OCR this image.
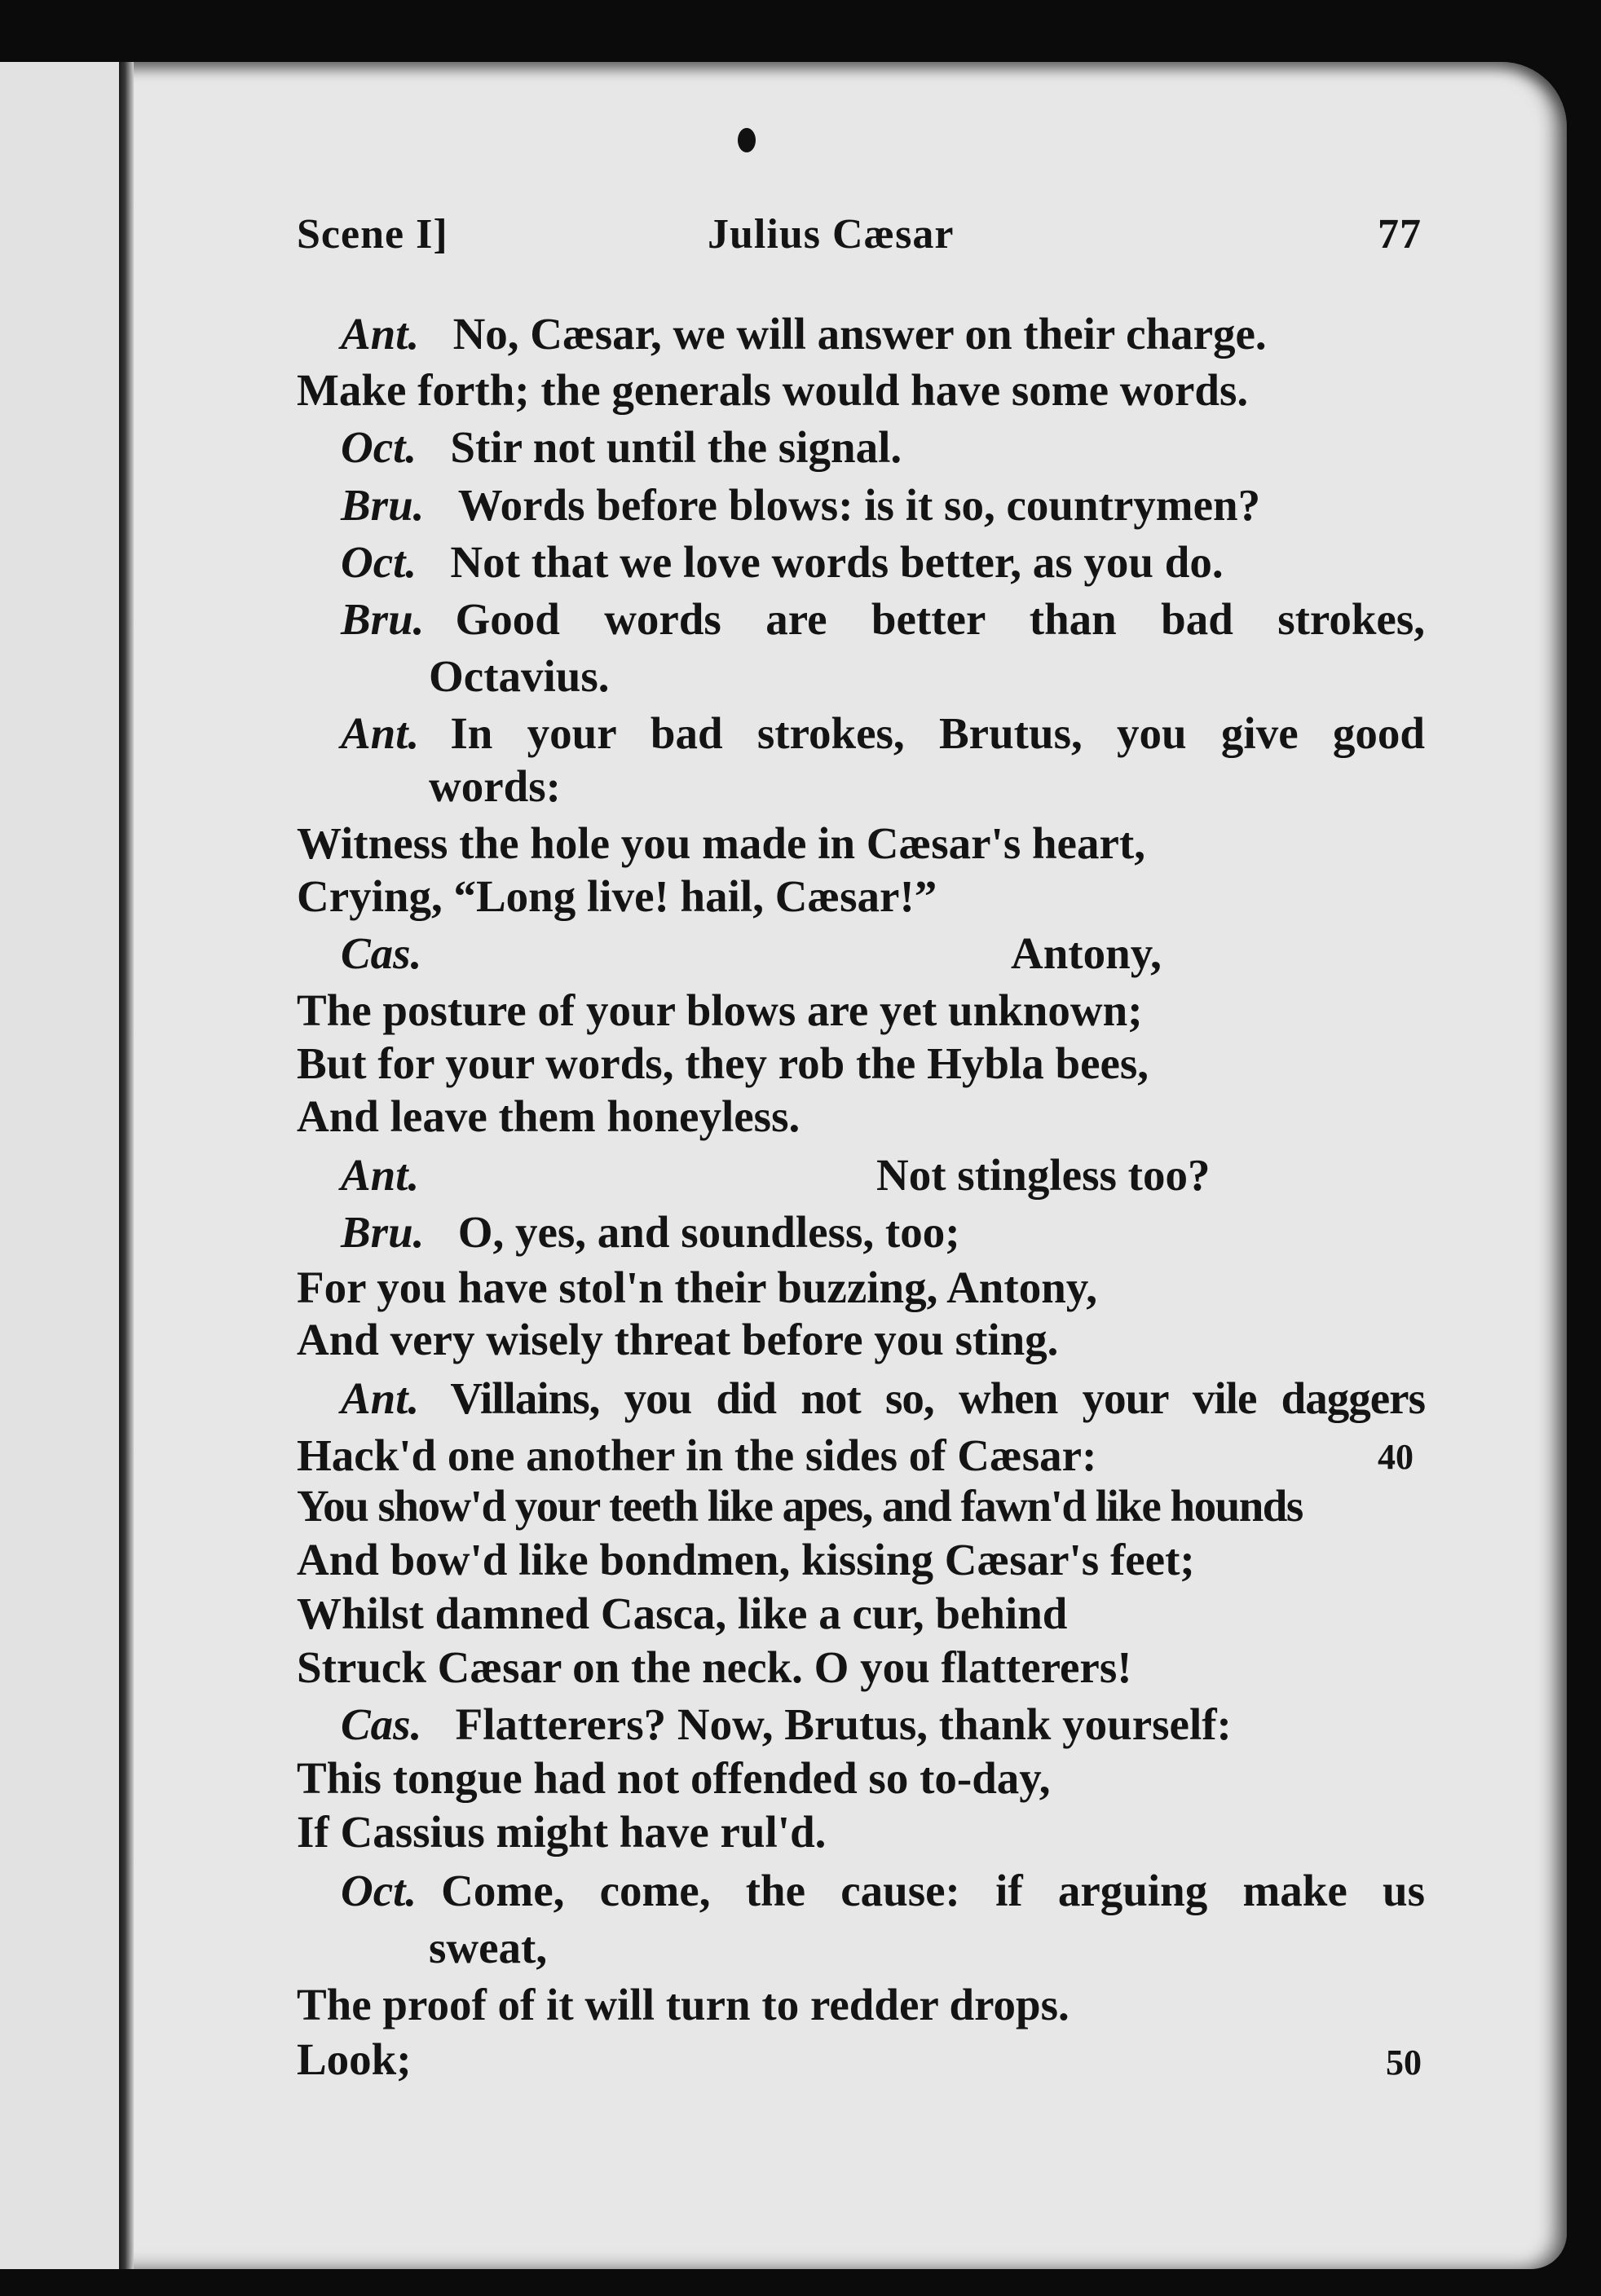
Scene I]	Julius Cæsar	77
Ant. No, Cæsar, we will answer on their charge.
Make forth; the generals would have some words.
Oct. Stir not until the signal.
Bru. Words before blows: is it so, countrymen?
Oct. Not that we love words better, as you do.
Bru. Good words are better than bad strokes,
Octavius.
Ant. In your bad strokes, Brutus, you give good
words:
Witness the hole you made in Cæsar's heart,
Crying, “Long live! hail, Cæsar!”
Cas.	Antony,
The posture of your blows are yet unknown;
But for your words, they rob the Hybla bees,
And leave them honeyless.
Ant.	Not stingless too?
Bru. O, yes, and soundless, too;
For you have stol'n their buzzing, Antony,
And very wisely threat before you sting.
Ant. Villains, you did not so, when your vile daggers
Hack'd one another in the sides of Cæsar:	40
You show'd your teeth like apes, and fawn'd like hounds
And bow'd like bondmen, kissing Cæsar's feet;
Whilst damned Casca, like a cur, behind
Struck Cæsar on the neck. O you flatterers!
Cas. Flatterers? Now, Brutus, thank yourself:
This tongue had not offended so to-day,
If Cassius might have rul'd.
Oct. Come, come, the cause: if arguing make us
sweat,
The proof of it will turn to redder drops.
Look;	50
